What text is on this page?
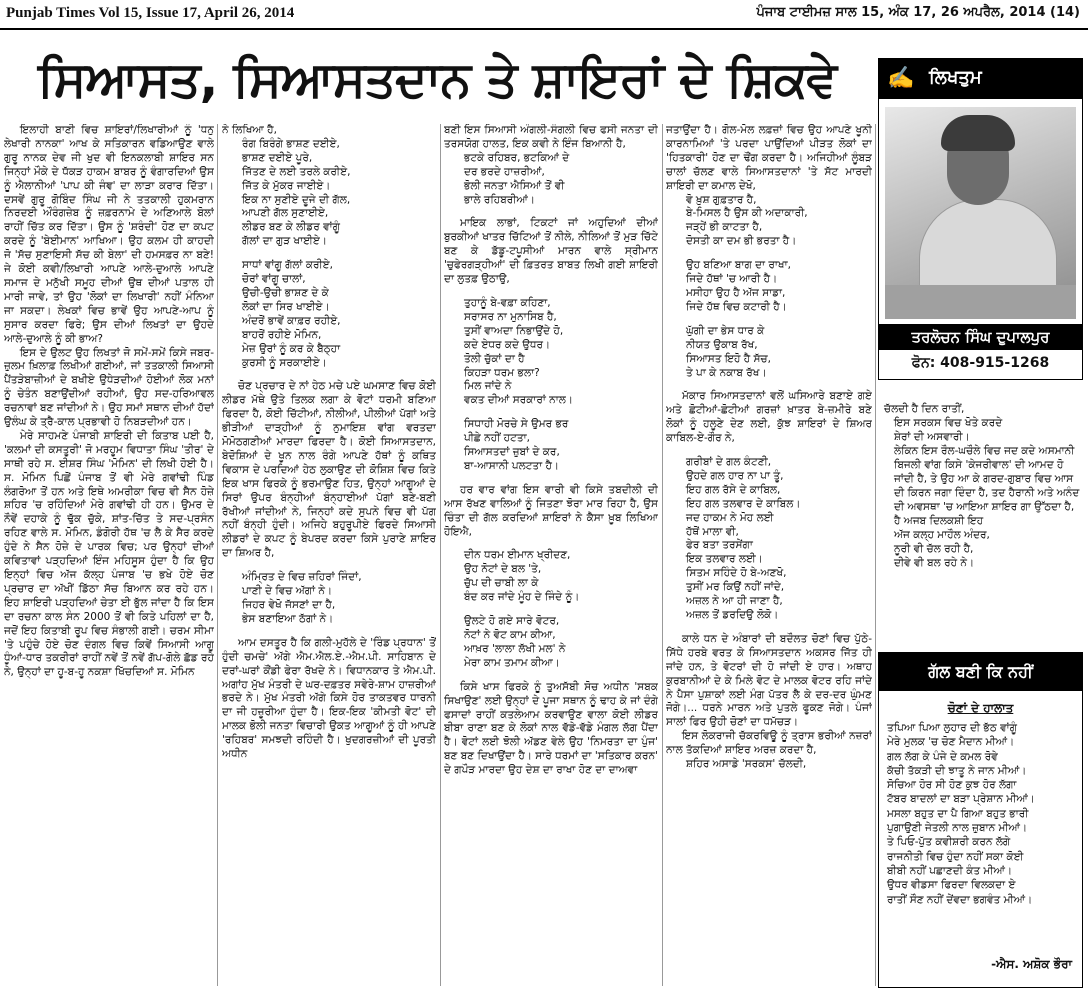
Punjab Times Vol 15, Issue 17, April 26, 2014	ਪੰਜਾਬ ਟਾਈਮਜ਼ ਸਾਲ 15, ਅੰਕ 17, 26 ਅਪਰੈਲ, 2014 (14)
ਸਿਆਸਤ, ਸਿਆਸਤਦਾਨ ਤੇ ਸ਼ਾਇਰਾਂ ਦੇ ਸ਼ਿਕਵੇ

ਇਲਾਹੀ ਬਾਣੀ ਵਿਚ ਸ਼ਾਇਰਾਂ/ਲਿਖਾਰੀਆਂ ਨੂੰ 'ਧਨੁ ਲੇਖਾਰੀ ਨਾਨਕਾ' ਆਖ ਕੇ ਸਤਿਕਾਰਨ ਵਡਿਆਉਣ ਵਾਲੇ ਗੁਰੂ ਨਾਨਕ ਦੇਵ ਜੀ ਖੁਦ ਵੀ ਇਨਕਲਾਬੀ ਸ਼ਾਇਰ ਸਨ ਜਿਨ੍ਹਾਂ ਮੌਕੇ ਦੇ ਧੱਕੜ ਹਾਕਮ ਬਾਬਰ ਨੂੰ ਵੰਗਾਰਦਿਆਂ ਉਸ ਨੂੰ ਐਲਾਨੀਆਂ 'ਪਾਪ ਕੀ ਜੰਞ' ਦਾ ਲਾੜਾ ਕਰਾਰ ਦਿੱਤਾ। ਦਸਵੇਂ ਗੁਰੂ ਗੋਬਿੰਦ ਸਿੰਘ ਜੀ ਨੇ ਤਤਕਾਲੀ ਹੁਕਮਰਾਨ ਨਿਰਦਈ ਔਰੰਗਜ਼ੇਬ ਨੂੰ ਜ਼ਫ਼ਰਨਾਮੇ ਦੇ ਅਣਿਆਲੇ ਬੋਲਾਂ ਰਾਹੀਂ ਚਿੱਤ ਕਰ ਦਿੱਤਾ। ਉਸ ਨੂੰ 'ਸ਼ਰੰਦੀ' ਹੋਣ ਦਾ ਕਪਟ ਕਰਦੇ ਨੂੰ 'ਬੇਈਮਾਨ' ਆਖਿਆ। ਉਹ ਕਲਮ ਹੀ ਕਾਹਦੀ ਜੋ 'ਸੱਚ ਸੁਣਾਇਸੀ ਸੱਚ ਕੀ ਬੇਲਾ' ਦੀ ਹਮਸਫ਼ਰ ਨਾ ਬਣੇ! ਜੇ ਕੋਈ ਕਵੀ/ਲਿਖਾਰੀ ਆਪਣੇ ਆਲੇ-ਦੁਆਲੇ ਆਪਣੇ ਸਮਾਜ ਦੇ ਮਨੁੱਖੀ ਸਮੂਹ ਦੀਆਂ ਉਥ ਦੀਆਂ ਪਤਾਲ ਹੀ ਮਾਰੀ ਜਾਵੇ, ਤਾਂ ਉਹ 'ਲੋਕਾਂ ਦਾ ਲਿਖਾਰੀ' ਨਹੀਂ ਮੰਨਿਆ ਜਾ ਸਕਦਾ। ਲੇਖਕਾਂ ਵਿਚ ਭਾਵੇਂ ਉਹ ਆਪਣੇ-ਆਪ ਨੂੰ ਸੁਸਾਰ ਕਰਦਾ ਫਿਰੇ; ਉਸ ਦੀਆਂ ਲਿਖਤਾਂ ਦਾ ਉਹਦੇ ਆਲੇ-ਦੁਆਲੇ ਨੂੰ ਕੀ ਭਾਅ?

ਇਸ ਦੇ ਉਲਟ ਉਹ ਲਿਖਤਾਂ ਜੋ ਸਮੇਂ-ਸਮੇਂ ਕਿਸੇ ਜਬਰ-ਜ਼ੁਲਮ ਖ਼ਿਲਾਫ਼ ਲਿਖੀਆਂ ਗਈਆਂ, ਜਾਂ ਤਤਕਾਲੀ ਸਿਆਸੀ ਪੈਂਤੜੇਬਾਜ਼ੀਆਂ ਦੇ ਬਖੀਏ ਉਧੇੜਦੀਆਂ ਹੋਈਆਂ ਲੋਕ ਮਨਾਂ ਨੂੰ ਚੇਤੰਨ ਬਣਾਉਂਦੀਆਂ ਰਹੀਆਂ, ਉਹ ਸਦ-ਹਰਿਆਵਲ ਰਚਨਾਵਾਂ ਬਣ ਜਾਂਦੀਆਂ ਨੇ। ਉਹ ਸਮਾਂ ਸਥਾਨ ਦੀਆਂ ਹੱਦਾਂ ਉਲੰਘ ਕੇ ਤ੍ਰੈ-ਕਾਲ ਪ੍ਰਭਾਵੀ ਹੋ ਨਿਬੜਦੀਆਂ ਹਨ।

ਮੇਰੇ ਸਾਹਮਣੇ ਪੰਜਾਬੀ ਸ਼ਾਇਰੀ ਦੀ ਕਿਤਾਬ ਪਈ ਹੈ, 'ਕਲਮਾਂ ਦੀ ਕਸਤੂਰੀ' ਜੋ ਮਰਹੂਮ ਵਿਧਾਤਾ ਸਿੰਘ 'ਤੀਰ' ਦੇ ਸਾਥੀ ਰਹੇ ਸ. ਈਸ਼ਰ ਸਿੰਘ 'ਮੋਮਿਨ' ਦੀ ਲਿਖੀ ਹੋਈ ਹੈ। ਸ. ਮੋਮਿਨ ਪਿਛੋਂ ਪੰਜਾਬ ਤੋਂ ਵੀ ਮੇਰੇ ਗਵਾਂਢੀ ਪਿੰਡ ਲੰਗਰੋਆ ਤੋਂ ਹਨ ਅਤੇ ਇਥੇ ਅਮਰੀਕਾ ਵਿਚ ਵੀ ਸੈਨ ਹੋਜ਼ੇ ਸ਼ਹਿਰ 'ਚ ਰਹਿੰਦਿਆਂ ਮੇਰੇ ਗਵਾਂਢੀ ਹੀ ਹਨ। ਉਮਰ ਦੇ ਨੌਵੇਂ ਦਹਾਕੇ ਨੂੰ ਢੁੱਕ ਚੁੱਕੇ, ਸ਼ਾਂਤ-ਚਿੱਤ ਤੇ ਸਦ-ਪ੍ਰਸੰਨ ਰਹਿਣ ਵਾਲੇ ਸ. ਮੋਮਿਨ, ਡੰਗੋਰੀ ਹੱਥ 'ਚ ਲੈ ਕੇ ਸੈਰ ਕਰਦੇ ਹੁੰਦੇ ਨੇ ਸੈਨ ਹੋਜ਼ੇ ਦੇ ਪਾਰਕ ਵਿਚ; ਪਰ ਉਨ੍ਹਾਂ ਦੀਆਂ ਕਵਿਤਾਵਾਂ ਪੜ੍ਹਦਿਆਂ ਇੰਜ ਮਹਿਸੂਸ ਹੁੰਦਾ ਹੈ ਕਿ ਉਹ ਇਨ੍ਹਾਂ ਵਿਚ ਅੱਜ ਕੱਲ੍ਹ ਪੰਜਾਬ 'ਚ ਭਖੇ ਹੋਏ ਚੋਣ ਪ੍ਰਚਾਰ ਦਾ ਅੱਖੀਂ ਡਿੱਠਾ ਸੱਚ ਬਿਆਨ ਕਰ ਰਹੇ ਹਨ। ਇਹ ਸ਼ਾਇਰੀ ਪੜ੍ਹਦਿਆਂ ਚੇਤਾ ਈ ਭੁੱਲ ਜਾਂਦਾ ਹੈ ਕਿ ਇਸ ਦਾ ਰਚਨਾ ਕਾਲ ਸੰਨ 2000 ਤੋਂ ਵੀ ਕਿਤੇ ਪਹਿਲਾਂ ਦਾ ਹੈ, ਜਦੋਂ ਇਹ ਕਿਤਾਬੀ ਰੂਪ ਵਿਚ ਸੰਭਾਲੀ ਗਈ। ਚਰਮ ਸੀਮਾ 'ਤੇ ਪਹੁੰਚੇ ਹੋਏ ਚੋਣ ਦੰਗਲ ਵਿਚ ਕਿਵੇਂ ਸਿਆਸੀ ਆਗੂ ਧੂੰਆਂ-ਧਾਰ ਤਕਰੀਰਾਂ ਰਾਹੀਂ ਨਵੇਂ ਤੋਂ ਨਵੇਂ ਗੱਪ-ਗੋਲੇ ਛੱਡ ਰਹੇ ਨੇ, ਉਨ੍ਹਾਂ ਦਾ ਹੂ-ਬ-ਹੂ ਨਕਸ਼ਾ ਖਿੱਚਦਿਆਂ ਸ. ਮੋਮਿਨ

ਨੇ ਲਿਖਿਆ ਹੈ,

ਰੰਗ ਬਿਰੰਗੇ ਭਾਸ਼ਣ ਦਈਏ,

ਭਾਸ਼ਣ ਦਈਏ ਪੂਰੇ,

ਜਿੱਤਣ ਦੇ ਲਈ ਤਰਲੇ ਕਰੀਏ,

ਜਿੱਤ ਕੇ ਮੁੱਕਰ ਜਾਈਏ।

ਇਕ ਨਾ ਸੁਣੀਏ ਦੂਜੇ ਦੀ ਗੱਲ,

ਆਪਣੀ ਗੱਲ ਸੁਣਾਈਏ,

ਲੀਡਰ ਬਣ ਕੇ ਲੀਡਰ ਵਾਂਗੂੰ

ਗੱਲਾਂ ਦਾ ਗੁੜ ਖਾਈਏ।

ਸਾਧਾਂ ਵਾਂਗੂ ਗੱਲਾਂ ਕਰੀਏ,

ਚੋਰਾਂ ਵਾਂਗੂ ਚਾਲਾਂ,

ਉਚੀ-ਉਚੀ ਭਾਸ਼ਣ ਦੇ ਕੇ

ਲੋਕਾਂ ਦਾ ਸਿਰ ਖਾਈਏ।

ਅੰਦਰੋਂ ਭਾਵੇਂ ਕਾਫ਼ਰ ਰਹੀਏ,

ਬਾਹਰੋਂ ਰਹੀਏ ਮੋਮਿਨ,

ਮੇਜ਼ ਉਰਾਂ ਨੂੰ ਕਰ ਕੇ ਬੈਠ੍ਹਾ

ਕੁਰਸੀ ਨੂੰ ਸਰਕਾਈਏ।

ਚੋਣ ਪ੍ਰਚਾਰ ਦੇ ਨਾਂ ਹੇਠ ਮਚੇ ਪਏ ਘਮਸਾਣ ਵਿਚ ਕੋਈ ਲੀਡਰ ਮੱਥੇ ਉਤੇ ਤਿਲਕ ਲਗਾ ਕੇ ਵੋਟਾਂ ਧਰਮੀ ਬਣਿਆ ਫਿਰਦਾ ਹੈ, ਕੋਈ ਚਿੱਟੀਆਂ, ਨੀਲੀਆਂ, ਪੀਲੀਆਂ ਪੱਗਾਂ ਅਤੇ ਭੀੜੀਆਂ ਦਾੜ੍ਹੀਆਂ ਨੂੰ ਨੁਮਾਇਸ਼ ਵਾਂਗ ਵਰਤਦਾ ਮੋਮੋਠਗਣੀਆਂ ਮਾਰਦਾ ਫਿਰਦਾ ਹੈ। ਕੋਈ ਸਿਆਸਤਦਾਨ, ਬੇਦੋਸ਼ਿਆਂ ਦੇ ਖੂਨ ਨਾਲ ਰੰਗੇ ਆਪਣੇ ਹੱਥਾਂ ਨੂੰ ਕਥਿਤ ਵਿਕਾਸ ਦੇ ਪਰਦਿਆਂ ਹੇਠ ਲੁਕਾਉਣ ਦੀ ਕੋਸ਼ਿਸ਼ ਵਿਚ ਕਿਤੇ ਇਕ ਖਾਸ ਫਿਰਕੇ ਨੂੰ ਭਰਮਾਉਣ ਹਿਤ, ਉਨ੍ਹਾਂ ਆਗੂਆਂ ਦੇ ਸਿਰਾਂ ਉਪਰ ਬੰਨ੍ਹੀਆਂ ਬੰਨ੍ਹਾਈਆਂ ਪੱਗਾਂ ਬਣੇ-ਬਣੀ ਰੱਖੀਆਂ ਜਾਂਦੀਆਂ ਨੇ, ਜਿਨ੍ਹਾਂ ਕਦੇ ਸੁਪਨੇ ਵਿਚ ਵੀ ਪੱਗ ਨਹੀਂ ਬੰਨ੍ਹੀ ਹੁੰਦੀ। ਅਜਿਹੇ ਬਹੁਰੂਪੀਏ ਫਿਰਦੇ ਸਿਆਸੀ ਲੀਡਰਾਂ ਦੇ ਕਪਟ ਨੂੰ ਬੇਪਰਦ ਕਰਦਾ ਕਿਸੇ ਪੁਰਾਣੇ ਸ਼ਾਇਰ ਦਾ ਸ਼ਿਅਰ ਹੈ,

ਅੰਮ੍ਰਿਤ ਦੇ ਵਿਚ ਜ਼ਹਿਰਾਂ ਜਿੰਦਾਂ,

ਪਾਣੀ ਦੇ ਵਿਚ ਅੱਗਾਂ ਨੇ।

ਜਿਹਰ ਵੇਖੋ ਜੱਸਣਾਂ ਦਾ ਹੈ,

ਭੇਸ ਬਣਾਇਆ ਠੱਗਾਂ ਨੇ।

ਆਮ ਦਸਤੂਰ ਹੈ ਕਿ ਗਲੀ-ਮੁਹੱਲੇ ਦੇ 'ਰਿੰਡ ਪ੍ਰਧਾਨ' ਤੋਂ ਹੁੰਦੀ ਚਮਚੇ' ਅੱਗੇ ਐਮ.ਐਲ.ਏ.-ਐਮ.ਪੀ. ਸਾਹਿਬਾਨ ਦੇ ਦਰਾਂ-ਘਰਾਂ ਕੌਂਡੀ ਫੇਰਾ ਰੱਖਦੇ ਨੇ। ਵਿਧਾਨਕਾਰ ਤੇ ਐਮ.ਪੀ. ਅਗਾਂਹ ਮੁੱਖ ਮੰਤਰੀ ਦੇ ਘਰ-ਦਫ਼ਤਰ ਸਵੇਰੇ-ਸ਼ਾਮ ਹਾਜ਼ਰੀਆਂ ਭਰਦੇ ਨੇ। ਮੁੱਖ ਮੰਤਰੀ ਅੱਗੇ ਕਿਸੇ ਹੋਰ ਤਾਕਤਵਰ ਧਾਰਨੀ ਦਾ ਜੀ ਹਜ਼ੂਰੀਆ ਹੁੰਦਾ ਹੈ। ਇਕ-ਇਕ 'ਕੀਮਤੀ ਵੋਟ' ਦੀ ਮਾਲਕ ਭੋਲੀ ਜਨਤਾ ਵਿਚਾਰੀ ਉਕਤ ਆਗੂਆਂ ਨੂੰ ਹੀ ਆਪਣੇ 'ਰਹਿਬਰ' ਸਮਝਦੀ ਰਹਿੰਦੀ ਹੈ। ਖੁਦਗਰਜ਼ੀਆਂ ਦੀ ਪੂਰਤੀ ਅਧੀਨ

ਬਣੀ ਇਸ ਸਿਆਸੀ ਅੰਗਲੀ-ਸੰਗਲੀ ਵਿਚ ਫਸੀ ਜਨਤਾ ਦੀ ਤਰਸਯੋਗ ਹਾਲਤ, ਇਕ ਕਵੀ ਨੇ ਇੰਜ ਬਿਆਨੀ ਹੈ,

ਭਟਕੇ ਰਹਿਬਰ, ਭਟਕਿਆਂ ਦੇ

ਦਰ ਭਰਦੇ ਹਾਜ਼ਰੀਆਂ,

ਭੋਲੀ ਜਨਤਾ ਐਸਿਆਂ ਤੋਂ ਵੀ

ਭਾਲੇ ਰਹਿਬਰੀਆਂ।

ਮਾਇਕ ਲਾਭਾਂ, ਟਿਕਟਾਂ ਜਾਂ ਅਹੁਦਿਆਂ ਦੀਆਂ ਬੁਰਕੀਆਂ ਖਾਤਰ ਚਿੱਟਿਆਂ ਤੋਂ ਨੀਲੇ, ਨੀਲਿਆਂ ਤੋਂ ਮੁੜ ਚਿੱਟੇ ਬਣ ਕੇ ਡੱਡੂ-ਟਪੂਸੀਆਂ ਮਾਰਨ ਵਾਲੇ ਸ੍ਰੀਮਾਨ 'ਚੁਫੇਰਗੜ੍ਹੀਆਂ' ਦੀ ਫ਼ਿਤਰਤ ਬਾਬਤ ਲਿਖੀ ਗਈ ਸ਼ਾਇਰੀ ਦਾ ਲੁਤਫ਼ ਉਠਾਉ,

ਤੁਹਾਨੂੰ ਬੇ-ਵਫ਼ਾ ਕਹਿਣਾ,

ਸਰਾਸਰ ਨਾ ਮੁਨਾਸਿਬ ਹੈ,

ਤੁਸੀਂ ਵਾਅਦਾ ਨਿਭਾਉਂਦੇ ਹੋ,

ਕਦੇ ਏਧਰ ਕਦੇ ਉਧਰ।

ਤੋਲੀ ਚੁੱਕਾਂ ਦਾ ਹੈ

ਕਿਹੜਾ ਧਰਮ ਭਲਾ?

ਮਿਲ ਜਾਂਦੇ ਨੇ

ਵਕਤ ਦੀਆਂ ਸਰਕਾਰਾਂ ਨਾਲ।

ਸਿਧਾਹੀ ਮੋਰਚੇ ਸੇ ਉਮਰ ਭਰ

ਪੀਛੇ ਨਹੀਂ ਹਟਤਾ,

ਸਿਆਸਤਦਾਂ ਜ਼ੁਬਾਂ ਦੇ ਕਰ,

ਬਾ-ਆਸਾਨੀ ਪਲਟਤਾ ਹੈ।

ਹਰ ਵਾਰ ਵਾਂਗ ਇਸ ਵਾਰੀ ਵੀ ਕਿਸੇ ਤਬਦੀਲੀ ਦੀ ਆਸ ਰੱਖਣ ਵਾਲਿਆਂ ਨੂੰ ਜਿਤਣਾ ਝੋਰਾ ਮਾਰ ਰਿਹਾ ਹੈ, ਉਸ ਚਿੰਤਾ ਦੀ ਗੱਲ ਕਰਦਿਆਂ ਸ਼ਾਇਰਾਂ ਨੇ ਕੈਸਾ ਖ਼ੂਬ ਲਿਖਿਆ ਹੋਇਐ,

ਦੀਨ ਧਰਮ ਈਮਾਨ ਖ੍ਰੀਦਣ,

ਉਹ ਨੋਟਾਂ ਦੇ ਬਲ 'ਤੇ,

ਚੁੱਪ ਦੀ ਚਾਬੀ ਲਾ ਕੇ

ਬੰਦ ਕਰ ਜਾਂਦੇ ਮੂੰਹ ਦੇ ਜਿੰਦੇ ਨੂੰ।

ਉਲਟੇ ਹੋ ਗਏ ਸਾਰੇ ਵੋਟਰ,

ਨੋਟਾਂ ਨੇ ਵੋਟ ਕਾਮ ਕੀਆ,

ਆਖ਼ਰ 'ਲਾਲਾ ਲੱਖੀ ਮਲ' ਨੇ

ਮੇਰਾ ਕਾਮ ਤਮਾਮ ਕੀਆ।

ਕਿਸੇ ਖਾਸ ਫਿਰਕੇ ਨੂੰ ਤੁਅਸੱਬੀ ਸੋਚ ਅਧੀਨ 'ਸਬਕ ਸਿਖਾਉਣ' ਲਈ ਉਨ੍ਹਾਂ ਦੇ ਪੂਜਾ ਸਥਾਨ ਨੂੰ ਢਾਹ ਕੇ ਜਾਂ ਦੰਗੇ ਫਸਾਦਾਂ ਰਾਹੀਂ ਕਤਲੇਆਮ ਕਰਵਾਉਣ ਵਾਲਾ ਕੋਈ ਲੀਡਰ ਬੀਬਾ ਰਾਣਾ ਬਣ ਕੇ ਲੋਕਾਂ ਨਾਲ ਵੱਡੇ-ਵੱਡੇ ਮੰਗਲ ਲੱਗ ਪੈਂਦਾ ਹੈ। ਵੋਟਾਂ ਲਈ ਝੋਲੀ ਅੱਡਣ ਵੇਲੇ ਉਹ 'ਨਿਮਰਤਾ ਦਾ ਪੁੰਜ' ਬਣ ਬਣ ਦਿਖਾਉਂਦਾ ਹੈ। ਸਾਰੇ ਧਰਮਾਂ ਦਾ 'ਸਤਿਕਾਰ ਕਰਨ' ਦੇ ਗਪੌੜ ਮਾਰਦਾ ਉਹ ਦੇਸ਼ ਦਾ ਰਾਖਾ ਹੋਣ ਦਾ ਦਾਅਵਾ

ਜਤਾਉਂਦਾ ਹੈ। ਗੋਲ-ਮੋਲ ਲਫ਼ਜ਼ਾਂ ਵਿਚ ਉਹ ਆਪਣੇ ਖੂਨੀ ਕਾਰਨਾਮਿਆਂ 'ਤੇ ਪਰਦਾ ਪਾਉਂਦਿਆਂ ਪੀੜਤ ਲੋਕਾਂ ਦਾ 'ਹਿਤਕਾਰੀ' ਹੋਣ ਦਾ ਢੌਂਗ ਕਰਦਾ ਹੈ। ਅਜਿਹੀਆਂ ਲੂੰਬੜ ਚਾਲਾਂ ਚੱਲਣ ਵਾਲੇ ਸਿਆਸਤਦਾਨਾਂ 'ਤੇ ਸੱਟ ਮਾਰਦੀ ਸ਼ਾਇਰੀ ਦਾ ਕਮਾਲ ਦੇਖੋ,

ਵੋ ਖ਼ੁਸ਼ ਗੁਫ਼ਤਾਰ ਹੈ,

ਬੇ-ਮਿਸਲ ਹੈ ਉਸ ਕੀ ਅਦਾਕਾਰੀ,

ਜੜ੍ਹੇਂ ਭੀ ਕਾਟਤਾ ਹੈ,

ਦੋਸਤੀ ਕਾ ਦਮ ਭੀ ਭਰਤਾ ਹੈ।

ਉਹ ਬਣਿਆ ਬਾਗ ਦਾ ਰਾਖਾ,

ਜਿਦੇ ਹੱਥਾਂ 'ਚ ਆਰੀ ਹੈ।

ਮਸੀਹਾ ਉਹ ਹੈ ਅੱਜ ਸਾਡਾ,

ਜਿਦੇ ਹੱਥ ਵਿਚ ਕਟਾਰੀ ਹੈ।

ਘੁੱਗੀ ਦਾ ਭੇਸ ਧਾਰ ਕੇ

ਨੀਯਤ ਉਕਾਬ ਰੱਖ,

ਸਿਆਸਤ ਇਹੋ ਹੈ ਸੱਚ,

ਤੇ ਪਾ ਕੇ ਨਕਾਬ ਰੱਖ।

ਮੱਕਾਰ ਸਿਆਸਤਦਾਨਾਂ ਵਲੋਂ ਘਸਿਆਰੇ ਬਣਾਏ ਗਏ ਅਤੇ ਛੋਟੀਆਂ-ਛੋਟੀਆਂ ਗਰਜ਼ਾਂ ਖ਼ਾਤਰ ਬੇ-ਜ਼ਮੀਰੇ ਬਣੇ ਲੋਕਾਂ ਨੂੰ ਹਲੂਣੇ ਦੇਣ ਲਈ, ਕੁੱਝ ਸ਼ਾਇਰਾਂ ਦੇ ਸ਼ਿਅਰ ਕਾਬਿਲ-ਏ-ਗੌਰ ਨੇ,

ਗਰੀਬਾਂ ਦੇ ਗਲ ਕੰਟਣੀ,

ਉਹਦੇ ਗਲ ਹਾਰ ਨਾ ਪਾ ਤੂੰ,

ਇਹ ਗਲ ਰੱਸੇ ਦੇ ਕਾਬਿਲ,

ਇਹ ਗਲ ਤਲਵਾਰ ਦੇ ਕਾਬਿਲ।

ਜਦ ਹਾਕਮ ਨੇ ਮੋਹ ਲਈ

ਹੱਥੋਂ ਮਾਲਾ ਵੀ,

ਫੇਰ ਬਤਾ ਤਰਸੇਂਗਾ

ਇਕ ਤਲਵਾਰ ਲਈ।

ਸਿਤਮ ਸਹਿੰਦੇ ਹੋ ਬੇ-ਅਣਖੋ,

ਤੁਸੀਂ ਮਰ ਕਿਉਂ ਨਹੀਂ ਜਾਂਦੇ,

ਅਜ਼ਲ ਨੇ ਆ ਹੀ ਜਾਣਾ ਹੈ,

ਅਜ਼ਲ ਤੋਂ ਡਰਦਿਉ ਲੋਕੋ।

ਕਾਲੇ ਧਨ ਦੇ ਅੰਬਾਰਾਂ ਦੀ ਬਦੌਲਤ ਚੋਣਾਂ ਵਿਚ ਪੁੱਠੇ-ਸਿੱਧੇ ਹਰਬੇ ਵਰਤ ਕੇ ਸਿਆਸਤਦਾਨ ਅਕਸਰ ਜਿੱਤ ਹੀ ਜਾਂਦੇ ਹਨ, ਤੇ ਵੋਟਰਾਂ ਦੀ ਹੋ ਜਾਂਦੀ ਏ ਹਾਰ। ਅਥਾਹ ਕੁਰਬਾਨੀਆਂ ਦੇ ਕੇ ਮਿਲੇ ਵੋਟ ਦੇ ਮਾਲਕ ਵੋਟਰ ਰਹਿ ਜਾਂਦੇ ਨੇ ਪੈਸਾ ਪੁਸ਼ਾਕਾਂ ਲਈ ਮੰਗ ਪੱਤਰ ਲੈ ਕੇ ਦਰ-ਦਰ ਘੁੰਮਣ ਜੋਗੇ।... ਧਰਨੇ ਮਾਰਨ ਅਤੇ ਪੁਤਲੇ ਫੂਕਣ ਜੋਗੇ। ਪੰਜਾਂ ਸਾਲਾਂ ਫਿਰ ਉਹੀ ਚੋਣਾਂ ਦਾ ਧਮੱਚੜ।

ਇਸ ਲੋਕਰਾਜੀ ਚੱਕਰਵਿਊ ਨੂੰ ਤ੍ਰਾਸ ਭਰੀਆਂ ਨਜ਼ਰਾਂ ਨਾਲ ਤੱਕਦਿਆਂ ਸ਼ਾਇਰ ਅਰਜ਼ ਕਰਦਾ ਹੈ,

ਸ਼ਹਿਰ ਅਸਾਡੇ 'ਸਰਕਸ' ਚੱਲਦੀ,

✍ ਲਿਖਤੁਮ
ਤਰਲੋਚਨ ਸਿੰਘ ਦੁਪਾਲਪੁਰ
ਫੋਨ: 408-915-1268

ਚੱਲਦੀ ਹੈ ਦਿਨ ਰਾਤੀਂ,

ਇਸ ਸਰਕਸ ਵਿਚ ਖੋਤੇ ਕਰਦੇ

ਸ਼ੇਰਾਂ ਦੀ ਅਸਵਾਰੀ।

ਲੇਕਿਨ ਇਸ ਰੌਲ-ਘਚੌਲੇ ਵਿਚ ਜਦ ਕਦੇ ਅਸਮਾਨੀ ਬਿਜਲੀ ਵਾਂਗ ਕਿਸੇ 'ਕੇਜਰੀਵਾਲ' ਦੀ ਆਮਦ ਹੋ ਜਾਂਦੀ ਹੈ, ਤੇ ਉਹ ਆ ਕੇ ਗਰਦ-ਗੁਬਾਰ ਵਿਚ ਆਸ ਦੀ ਕਿਰਨ ਜਗਾ ਦਿੰਦਾ ਹੈ, ਤਦ ਹੈਰਾਨੀ ਅਤੇ ਅਨੰਦ ਦੀ ਅਵਸਥਾ 'ਚ ਆਇਆ ਸ਼ਾਇਰ ਗਾ ਉੱਠਦਾ ਹੈ,

ਹੈ ਅਜਬ ਦਿਲਕਸ਼ੀ ਇਹ

ਅੱਜ ਕਲ੍ਹ ਮਾਹੌਲ ਅੰਦਰ,

ਨੂਰੀ ਵੀ ਚੱਲ ਰਹੀ ਹੈ,

ਦੀਵੇ ਵੀ ਬਲ ਰਹੇ ਨੇ।

ਗੱਲ ਬਣੀ ਕਿ ਨਹੀਂ
ਚੋਣਾਂ ਦੇ ਹਾਲਾਤ

ਤਪਿਆ ਪਿਆ ਲੁਹਾਰ ਦੀ ਭੱਠ ਵਾਂਗੂੰ

ਮੇਰੇ ਮੁਲਕ 'ਚ ਚੋਣ ਮੈਦਾਨ ਮੀਆਂ।

ਗਲ ਲੱਗ ਕੇ ਪੰਜੇ ਦੇ ਕਮਲ ਰੋਵੇ

ਕੱਚੀ ਤੱਕੜੀ ਦੀ ਝਾਤੂ ਨੇ ਜਾਨ ਮੀਆਂ।

ਸੋਚਿਆ ਹੋਰ ਸੀ ਹੋਣ ਕੁਝ ਹੋਰ ਲੱਗਾ

ਟੱਬਰ ਬਾਦਲਾਂ ਦਾ ਬੜਾ ਪ੍ਰੇਸ਼ਾਨ ਮੀਆਂ।

ਮਸਲਾ ਬਹੁਤ ਦਾ ਪੈ ਗਿਆ ਬਹੁਤ ਭਾਰੀ

ਪੁਗਾਉਣੀ ਜੇਤਲੀ ਨਾਲ ਜ਼ੁਬਾਨ ਮੀਆਂ।

ਤੇ ਪਿਓ-ਪੁੱਤ ਕਵੀਸ਼ਰੀ ਕਰਨ ਲੱਗੇ

ਰਾਜਨੀਤੀ ਵਿਚ ਹੁੰਦਾ ਨਹੀਂ ਸਕਾ ਕੋਈ

ਬੀਬੀ ਨਹੀਂ ਪਛਾਣਦੀ ਕੰਤ ਮੀਆਂ।

ਉਧਰ ਵੀਡਸਾ ਫਿਰਦਾ ਵਿਲਕਦਾ ਏ

ਰਾਤੀਂ ਸੌਣ ਨਹੀਂ ਦੇਂਵਦਾ ਭਗਵੰਤ ਮੀਆਂ।

-ਐਸ. ਅਸ਼ੋਕ ਭੌਰਾ
